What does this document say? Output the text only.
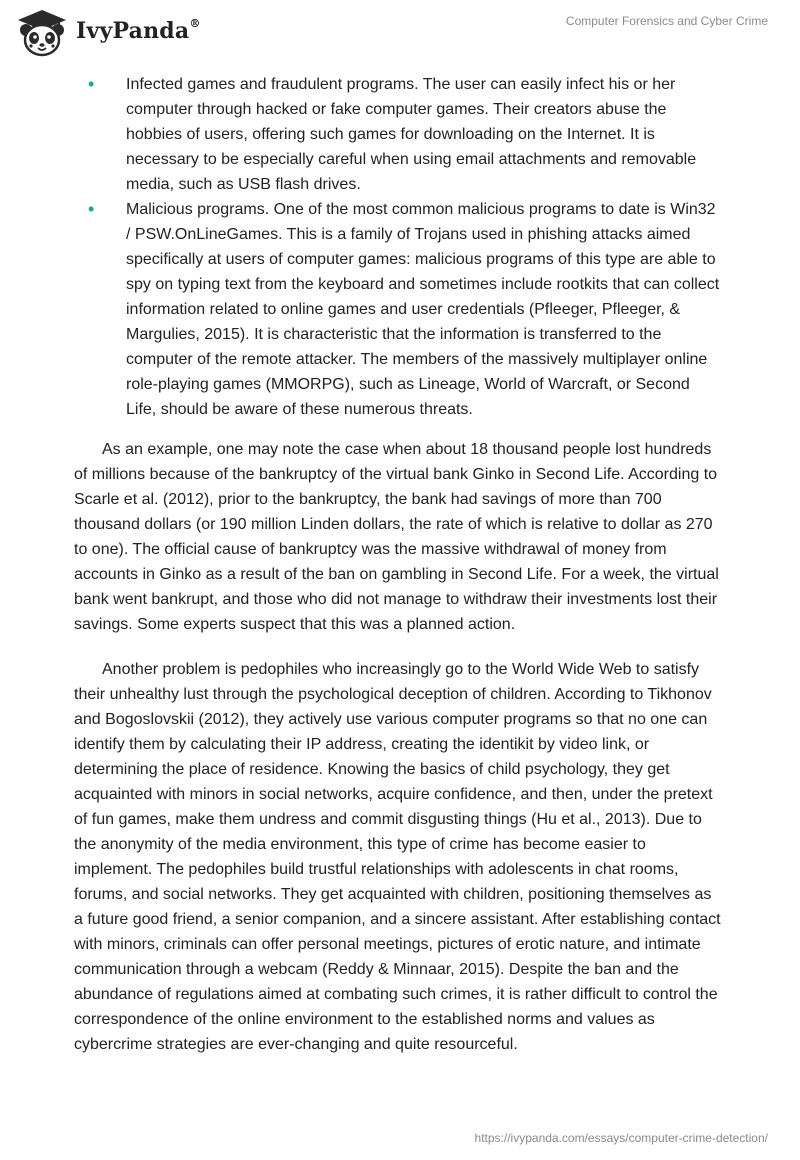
IvyPanda®	Computer Forensics and Cyber Crime
• Infected games and fraudulent programs. The user can easily infect his or her computer through hacked or fake computer games. Their creators abuse the hobbies of users, offering such games for downloading on the Internet. It is necessary to be especially careful when using email attachments and removable media, such as USB flash drives.
• Malicious programs. One of the most common malicious programs to date is Win32 / PSW.OnLineGames. This is a family of Trojans used in phishing attacks aimed specifically at users of computer games: malicious programs of this type are able to spy on typing text from the keyboard and sometimes include rootkits that can collect information related to online games and user credentials (Pfleeger, Pfleeger, & Margulies, 2015). It is characteristic that the information is transferred to the computer of the remote attacker. The members of the massively multiplayer online role-playing games (MMORPG), such as Lineage, World of Warcraft, or Second Life, should be aware of these numerous threats.

As an example, one may note the case when about 18 thousand people lost hundreds of millions because of the bankruptcy of the virtual bank Ginko in Second Life. According to Scarle et al. (2012), prior to the bankruptcy, the bank had savings of more than 700 thousand dollars (or 190 million Linden dollars, the rate of which is relative to dollar as 270 to one). The official cause of bankruptcy was the massive withdrawal of money from accounts in Ginko as a result of the ban on gambling in Second Life. For a week, the virtual bank went bankrupt, and those who did not manage to withdraw their investments lost their savings. Some experts suspect that this was a planned action.

Another problem is pedophiles who increasingly go to the World Wide Web to satisfy their unhealthy lust through the psychological deception of children. According to Tikhonov and Bogoslovskii (2012), they actively use various computer programs so that no one can identify them by calculating their IP address, creating the identikit by video link, or determining the place of residence. Knowing the basics of child psychology, they get acquainted with minors in social networks, acquire confidence, and then, under the pretext of fun games, make them undress and commit disgusting things (Hu et al., 2013). Due to the anonymity of the media environment, this type of crime has become easier to implement. The pedophiles build trustful relationships with adolescents in chat rooms, forums, and social networks. They get acquainted with children, positioning themselves as a future good friend, a senior companion, and a sincere assistant. After establishing contact with minors, criminals can offer personal meetings, pictures of erotic nature, and intimate communication through a webcam (Reddy & Minnaar, 2015). Despite the ban and the abundance of regulations aimed at combating such crimes, it is rather difficult to control the correspondence of the online environment to the established norms and values as cybercrime strategies are ever-changing and quite resourceful.

https://ivypanda.com/essays/computer-crime-detection/
